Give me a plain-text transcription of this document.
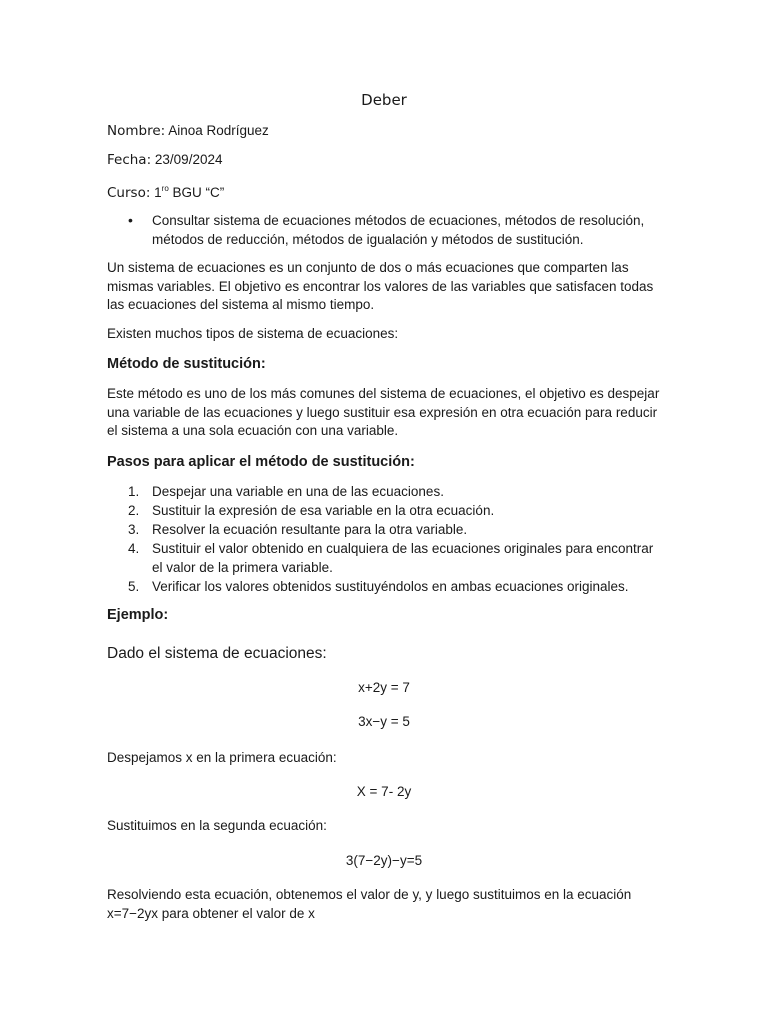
Deber
Nombre: Ainoa Rodríguez
Fecha: 23/09/2024
Curso: $1^{ro}$ BGU “C”
• Consultar sistema de ecuaciones métodos de ecuaciones, métodos de resolución, métodos de reducción, métodos de igualación y métodos de sustitución.
Un sistema de ecuaciones es un conjunto de dos o más ecuaciones que comparten las mismas variables. El objetivo es encontrar los valores de las variables que satisfacen todas las ecuaciones del sistema al mismo tiempo.
Existen muchos tipos de sistema de ecuaciones:
Método de sustitución:
Este método es uno de los más comunes del sistema de ecuaciones, el objetivo es despejar una variable de las ecuaciones y luego sustituir esa expresión en otra ecuación para reducir el sistema a una sola ecuación con una variable.
Pasos para aplicar el método de sustitución:
1. Despejar una variable en una de las ecuaciones.
2. Sustituir la expresión de esa variable en la otra ecuación.
3. Resolver la ecuación resultante para la otra variable.
4. Sustituir el valor obtenido en cualquiera de las ecuaciones originales para encontrar el valor de la primera variable.
5. Verificar los valores obtenidos sustituyéndolos en ambas ecuaciones originales.
Ejemplo:
Dado el sistema de ecuaciones:
x+2y = 7
3x−y = 5
Despejamos x en la primera ecuación:
X = 7- 2y
Sustituimos en la segunda ecuación:
3(7−2y)−y=5
Resolviendo esta ecuación, obtenemos el valor de y, y luego sustituimos en la ecuación x=7−2yx para obtener el valor de x
